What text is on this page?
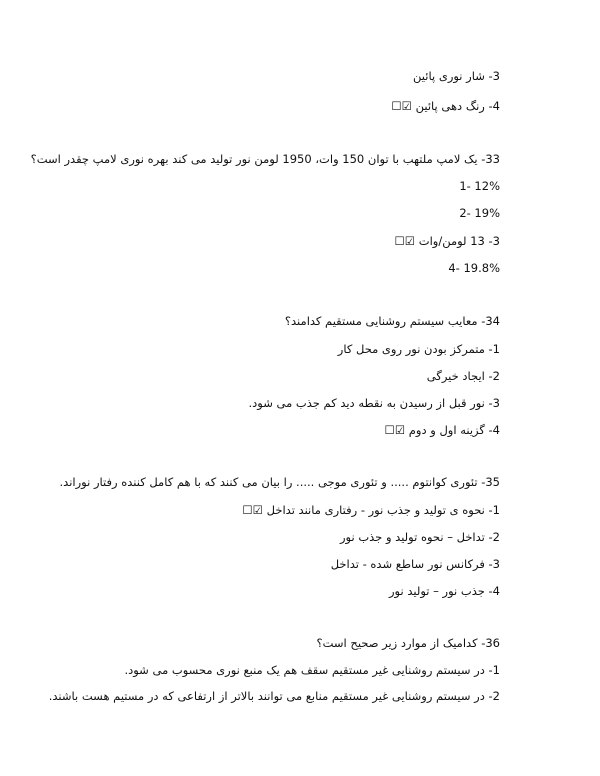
3- شار نوری پائین
4- رنگ دهی پائین ☑☐
33- یک لامپ ملتهب با توان 150 وات، 1950 لومن نور تولید می کند بهره نوری لامپ چقدر است؟
1- 12%
2- 19%
3- 13 لومن/وات ☑☐
4- 19.8%
34- معایب سیستم روشنایی مستقیم کدامند؟
1- متمرکز بودن نور روی محل کار
2- ایجاد خیرگی
3- نور قبل از رسیدن به نقطه دید کم جذب می شود.
4- گزینه اول و دوم ☑☐
35- تئوری کوانتوم ..... و تئوری موجی ..... را بیان می کنند که با هم کامل کننده رفتار نوراند.
1- نحوه ی تولید و جذب نور - رفتاری مانند تداخل ☑☐
2- تداخل – نحوه تولید و جذب نور
3- فرکانس نور ساطع شده - تداخل
4- جذب نور – تولید نور
36- کدامیک از موارد زیر صحیح است؟
1- در سیستم روشنایی غیر مستقیم سقف هم یک منبع نوری محسوب می شود.
2- در سیستم روشنایی غیر مستقیم منابع می توانند بالاتر از ارتفاعی که در مستیم هست باشند.
